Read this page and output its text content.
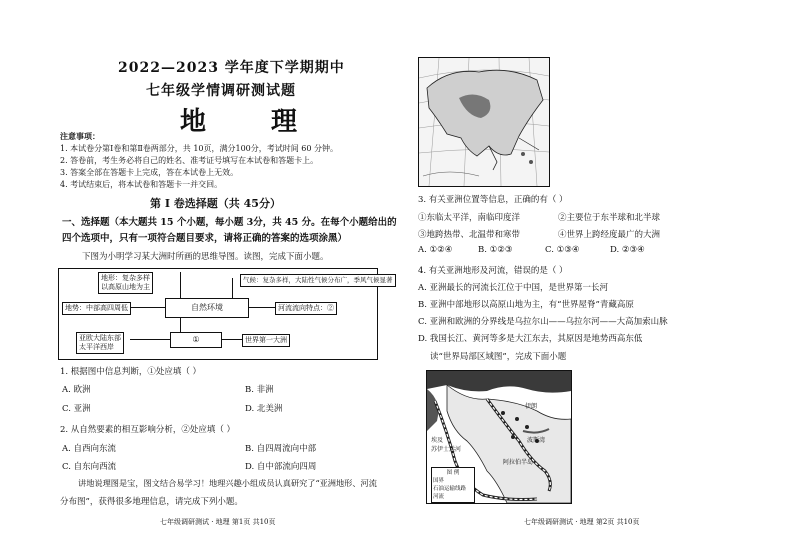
2022—2023 学年度下学期期中
七年级学情调研测试题
地 理
注意事项：
1. 本试卷分第Ⅰ卷和第Ⅱ卷两部分，共 10页，满分100分，考试时间 60 分钟。
2. 答卷前，考生务必将自己的姓名、准考证号填写在本试卷和答题卡上。
3. 答案全部在答题卡上完成，答在本试卷上无效。
4. 考试结束后，将本试卷和答题卡一并交回。
第 Ⅰ 卷选择题（共 45分）
一、选择题（本大题共 15 个小题，每小题 3分，共 45 分。在每个小题给出的
四个选项中，只有一项符合题目要求，请将正确的答案的选项涂黑）
下图为小明学习某大洲时所画的思维导图。读图，完成下面小题。
地形：复杂多样
以高原山地为主
气候：复杂多样，大陆性气候分布广，季风气候显著
地势：中部高四周低	自然环境	河流流向特点：②
亚欧大陆东部
太平洋西岸
①	世界第一大洲
1. 根据图中信息判断，①处应填（ ）
A. 欧洲	B. 非洲
C. 亚洲	D. 北美洲
2. 从自然要素的相互影响分析，②处应填（ ）
A. 自西向东流	B. 自四周流向中部
C. 自东向西流	D. 自中部流向四周
讲地说理图是宝，图文结合易学习！地理兴趣小组成员认真研究了“亚洲地形、河流
分布图”，获得很多地理信息，请完成下列小题。
七年级调研测试 · 地理 第1页 共10页
3. 有关亚洲位置等信息，正确的有（ ）
①东临太平洋，南临印度洋	②主要位于东半球和北半球
③地跨热带、北温带和寒带	④世界上跨经度最广的大洲
A. ①②④	B. ①②③	C. ①③④	D. ②③④
4. 有关亚洲地形及河流，错误的是（ ）
A. 亚洲最长的河流长江位于中国，是世界第一长河
B. 亚洲中部地形以高原山地为主，有“世界屋脊”青藏高原
C. 亚洲和欧洲的分界线是乌拉尔山——乌拉尔河——大高加索山脉
D. 我国长江、黄河等多是大江东去，其原因是地势西高东低
读“世界局部区域图”，完成下面小题
伊朗
波斯湾
埃及
苏伊士运河
阿拉伯半岛
图 例
国界
石油运输线路
河流
七年级调研测试 · 地理 第2页 共10页
